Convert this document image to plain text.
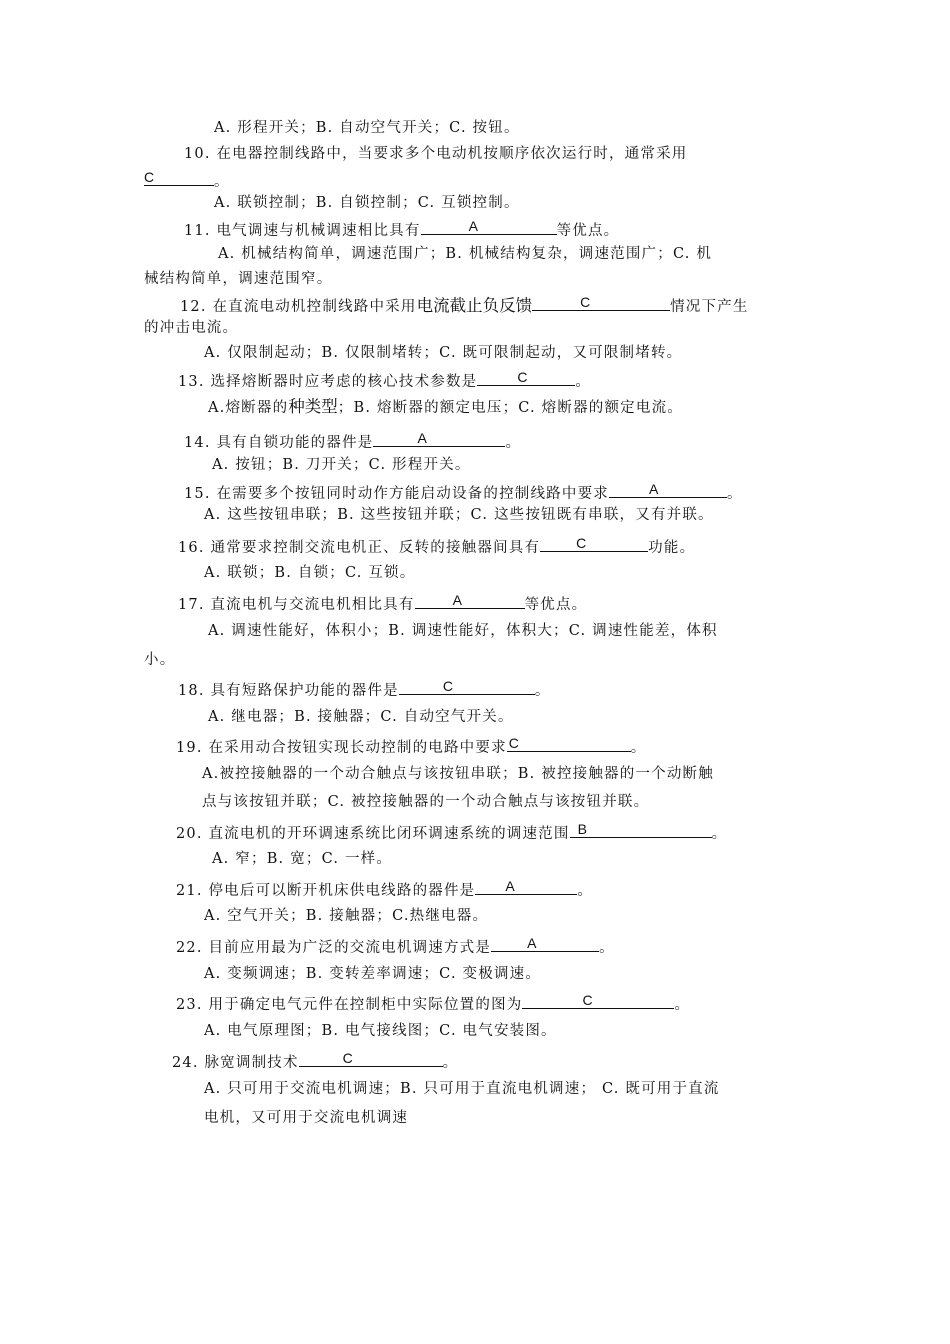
A. 形程开关；B. 自动空气开关；C. 按钮。
10. 在电器控制线路中，当要求多个电动机按顺序依次运行时，通常采用
C	。
A. 联锁控制；B. 自锁控制；C. 互锁控制。
11. 电气调速与机械调速相比具有	A	等优点。
A. 机械结构简单，调速范围广；B. 机械结构复杂，调速范围广；C. 机
械结构简单，调速范围窄。
12. 在直流电动机控制线路中采用电流截止负反馈	C	情况下产生
的冲击电流。
A. 仅限制起动；B. 仅限制堵转；C. 既可限制起动，又可限制堵转。
13. 选择熔断器时应考虑的核心技术参数是	C	。
A.熔断器的种类型；B. 熔断器的额定电压；C. 熔断器的额定电流。
14. 具有自锁功能的器件是	A	。
A. 按钮；B. 刀开关；C. 形程开关。
15. 在需要多个按钮同时动作方能启动设备的控制线路中要求	A	。
A. 这些按钮串联；B. 这些按钮并联；C. 这些按钮既有串联，又有并联。
16. 通常要求控制交流电机正、反转的接触器间具有	C	功能。
A. 联锁；B. 自锁；C. 互锁。
17. 直流电机与交流电机相比具有	A	等优点。
A. 调速性能好，体积小；B. 调速性能好，体积大；C. 调速性能差，体积
小。
18. 具有短路保护功能的器件是	C	。
A. 继电器；B. 接触器；C. 自动空气开关。
19. 在采用动合按钮实现长动控制的电路中要求 C	。
A.被控接触器的一个动合触点与该按钮串联；B. 被控接触器的一个动断触
点与该按钮并联；C. 被控接触器的一个动合触点与该按钮并联。
20. 直流电机的开环调速系统比闭环调速系统的调速范围 B	。
A. 窄；B. 宽；C. 一样。
21. 停电后可以断开机床供电线路的器件是 A	。
A. 空气开关；B. 接触器；C.热继电器。
22. 目前应用最为广泛的交流电机调速方式是	A	。
A. 变频调速；B. 变转差率调速；C. 变极调速。
23. 用于确定电气元件在控制柜中实际位置的图为	C	。
A. 电气原理图；B. 电气接线图；C. 电气安装图。
24. 脉宽调制技术	C	。
A. 只可用于交流电机调速；B. 只可用于直流电机调速； C. 既可用于直流
电机，又可用于交流电机调速
